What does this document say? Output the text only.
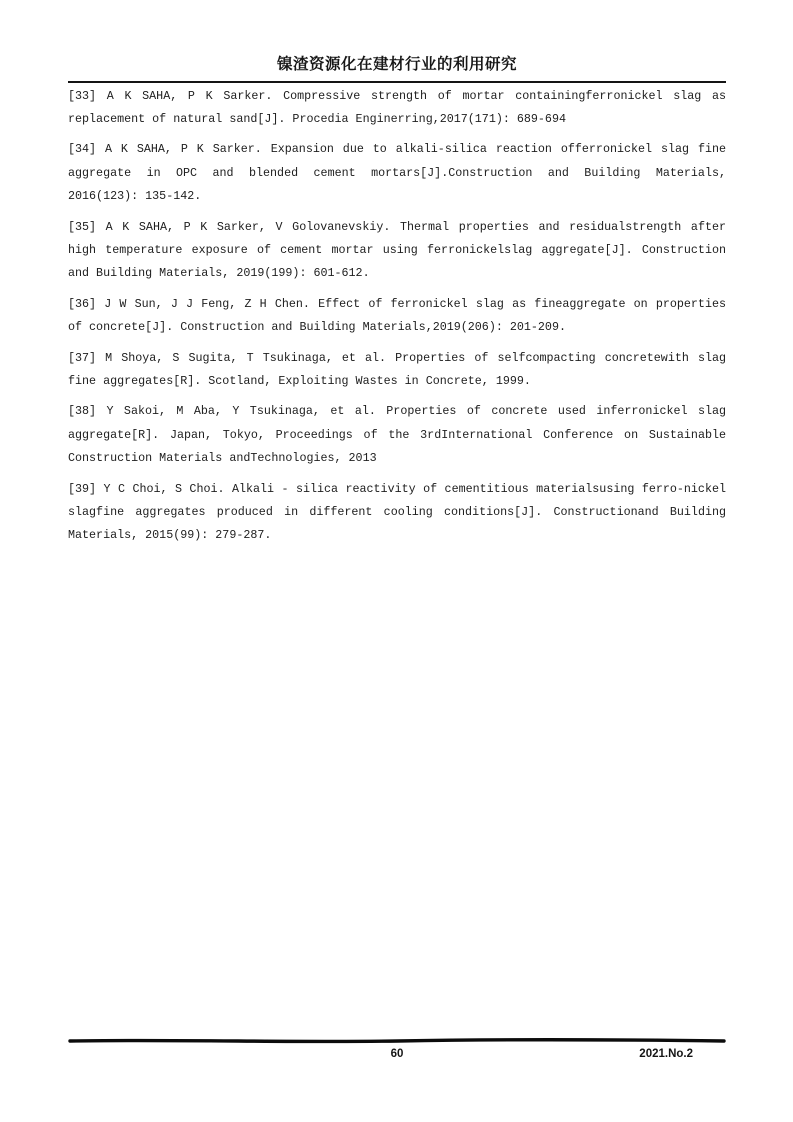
镍渣资源化在建材行业的利用研究
[33] A K SAHA, P K Sarker. Compressive strength of mortar containingferronickel slag as
replacement of natural sand[J]. Procedia Enginerring,2017(171): 689-694
[34] A K SAHA, P K Sarker. Expansion due to alkali-silica reaction offerronickel slag fine
aggregate in OPC and blended cement mortars[J].Construction and Building Materials,
2016(123): 135-142.
[35] A K SAHA, P K Sarker, V Golovanevskiy. Thermal properties and residualstrength after
high temperature exposure of cement mortar using ferronickelslag aggregate[J]. Construction
and Building Materials, 2019(199): 601-612.
[36] J W Sun, J J Feng, Z H Chen. Effect of ferronickel slag as fineaggregate on properties
of concrete[J]. Construction and Building Materials,2019(206): 201-209.
[37] M Shoya, S Sugita, T Tsukinaga, et al. Properties of selfcompacting concretewith slag
fine aggregates[R]. Scotland, Exploiting Wastes in Concrete, 1999.
[38] Y Sakoi, M Aba, Y Tsukinaga, et al. Properties of concrete used inferronickel slag
aggregate[R]. Japan, Tokyo, Proceedings of the 3rdInternational Conference on Sustainable
Construction Materials andTechnologies, 2013
[39] Y C Choi, S Choi. Alkali - silica reactivity of cementitious materialsusing ferro-nickel
slagfine aggregates produced in different cooling conditions[J]. Constructionand Building
Materials, 2015(99): 279-287.
60	2021.No.2
